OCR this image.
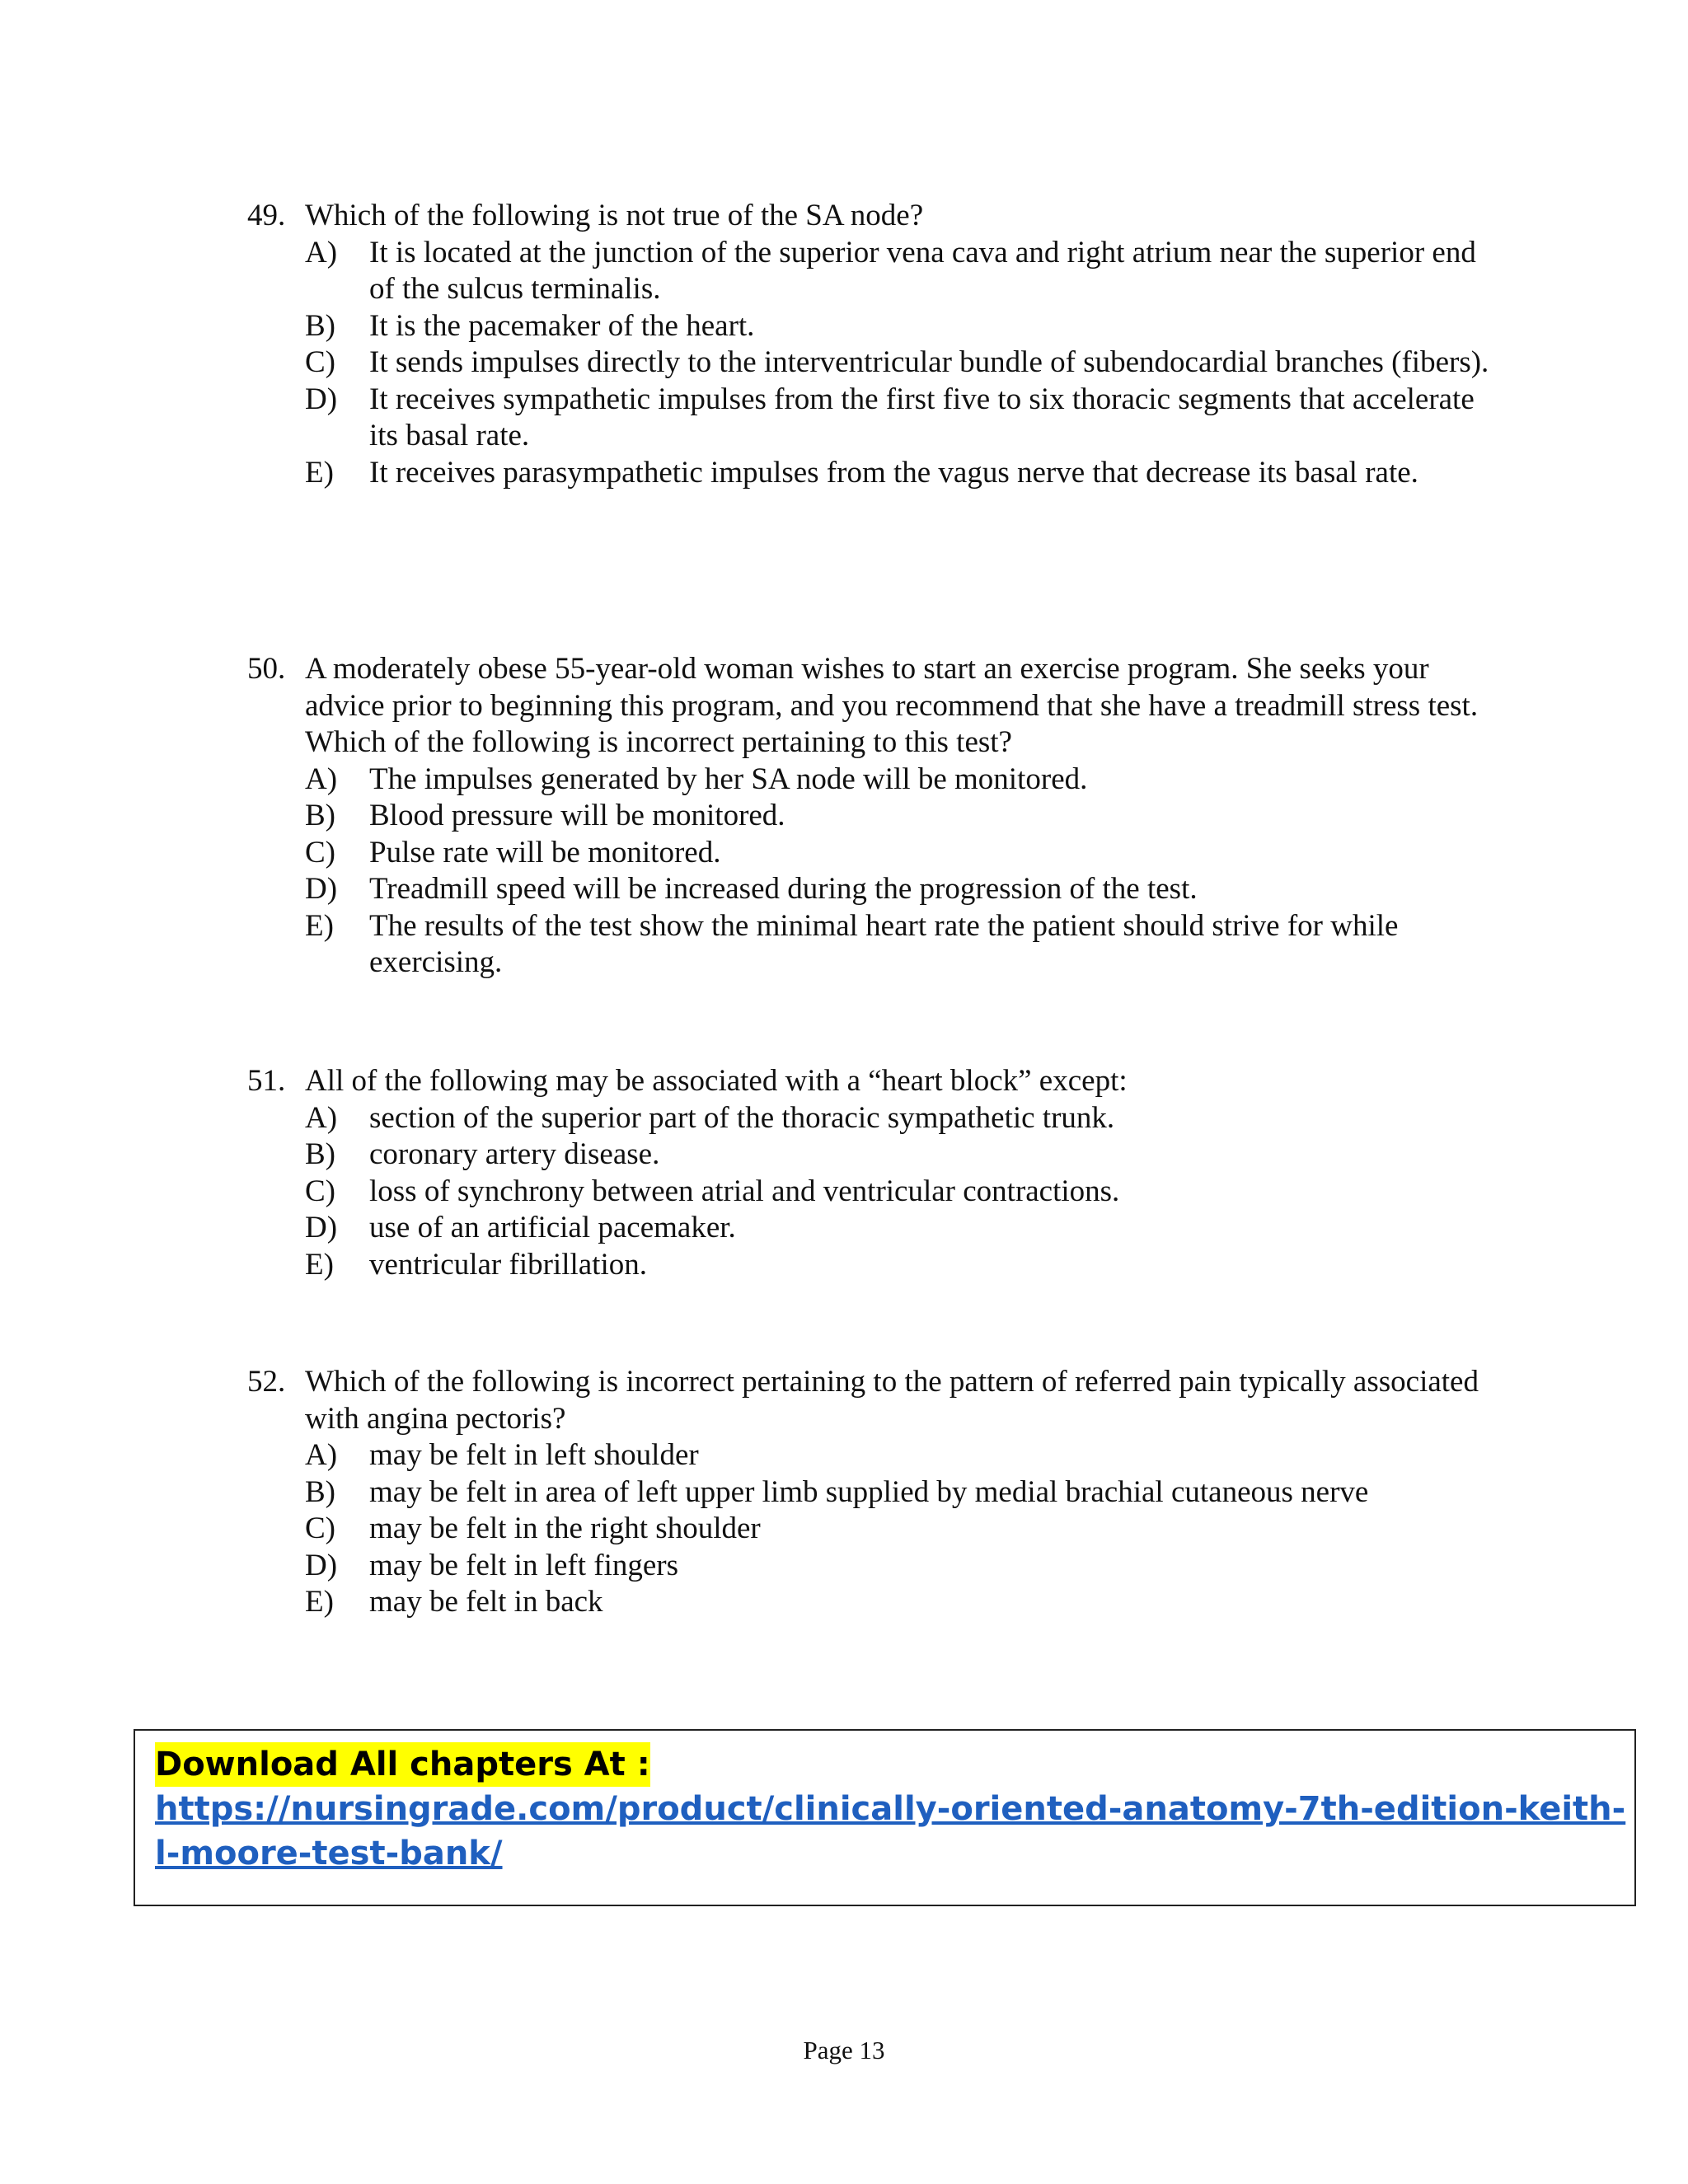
49. Which of the following is not true of the SA node?
A)	It is located at the junction of the superior vena cava and right atrium near the superior end of the sulcus terminalis.
B)	It is the pacemaker of the heart.
C)	It sends impulses directly to the interventricular bundle of subendocardial branches (fibers).
D)	It receives sympathetic impulses from the first five to six thoracic segments that accelerate its basal rate.
E)	It receives parasympathetic impulses from the vagus nerve that decrease its basal rate.
50. A moderately obese 55-year-old woman wishes to start an exercise program. She seeks your advice prior to beginning this program, and you recommend that she have a treadmill stress test. Which of the following is incorrect pertaining to this test?
A)	The impulses generated by her SA node will be monitored.
B)	Blood pressure will be monitored.
C)	Pulse rate will be monitored.
D)	Treadmill speed will be increased during the progression of the test.
E)	The results of the test show the minimal heart rate the patient should strive for while exercising.
51. All of the following may be associated with a “heart block” except:
A)	section of the superior part of the thoracic sympathetic trunk.
B)	coronary artery disease.
C)	loss of synchrony between atrial and ventricular contractions.
D)	use of an artificial pacemaker.
E)	ventricular fibrillation.
52. Which of the following is incorrect pertaining to the pattern of referred pain typically associated with angina pectoris?
A)	may be felt in left shoulder
B)	may be felt in area of left upper limb supplied by medial brachial cutaneous nerve
C)	may be felt in the right shoulder
D)	may be felt in left fingers
E)	may be felt in back
Download All chapters At :
https://nursingrade.com/product/clinically-oriented-anatomy-7th-edition-keith-l-moore-test-bank/
Page 13
